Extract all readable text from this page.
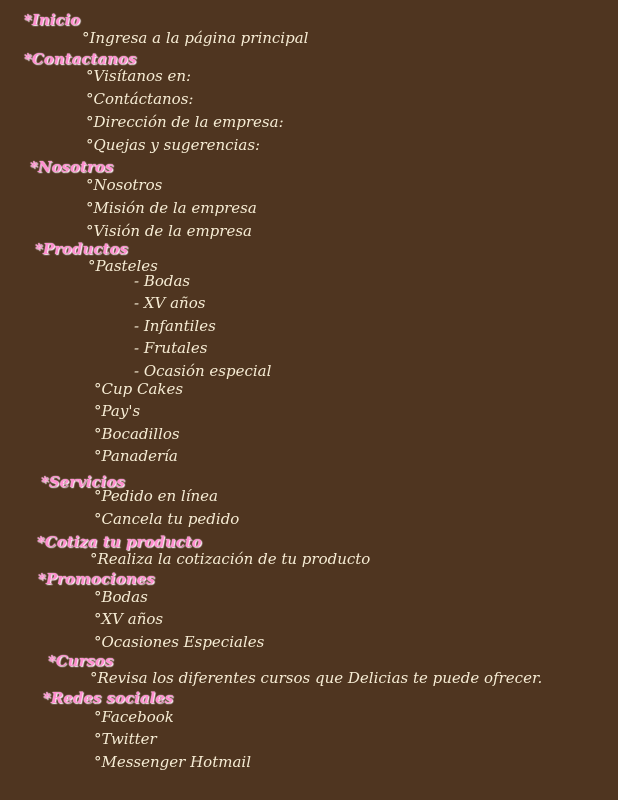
*Inicio
°Ingresa a la página principal
*Contactanos
°Visítanos en:
°Contáctanos:
°Dirección de la empresa:
°Quejas y sugerencias:
*Nosotros
°Nosotros
°Misión de la empresa
°Visión de la empresa
*Productos
°Pasteles
- Bodas
- XV años
- Infantiles
- Frutales
- Ocasión especial
°Cup Cakes
°Pay's
°Bocadillos
°Panadería
*Servicios
°Pedido en línea
°Cancela tu pedido
*Cotiza tu producto
°Realiza la cotización de tu producto
*Promociones
°Bodas
°XV años
°Ocasiones Especiales
*Cursos
°Revisa los diferentes cursos que Delicias te puede ofrecer.
*Redes sociales
°Facebook
°Twitter
°Messenger Hotmail
